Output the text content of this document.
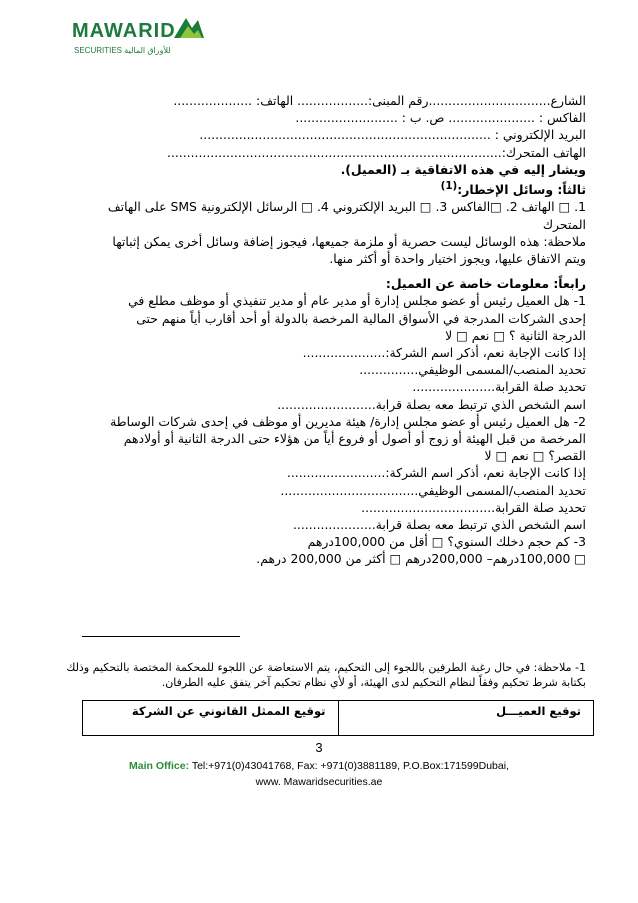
MAWARID
SECURITIES للأوراق المالية
الشارع...............................رقم المبنى:.................. الهاتف: ....................
الفاكس : ...................... ص. ب : ..........................
البريد الإلكتروني : ..........................................................................
الهاتف المتحرك:.....................................................................................
ويشار إليه في هذه الاتفاقية بـ (العميل).
ثالثاً: وسائل الإخطار:$^{(1)}$
1. □ الهاتف 2. □الفاكس 3. □ البريد الإلكتروني 4. □ الرسائل الإلكترونية SMS على الهاتف
المتحرك
ملاحظة: هذه الوسائل ليست حصرية أو ملزمة جميعها، فيجوز إضافة وسائل أخرى يمكن إثباتها
ويتم الاتفاق عليها، ويجوز اختيار واحدة أو أكثر منها.
رابعاً: معلومات خاصة عن العميل:
1- هل العميل رئيس أو عضو مجلس إدارة أو مدير عام أو مدير تنفيذي أو موظف مطلع في
إحدى الشركات المدرجة في الأسواق المالية المرخصة بالدولة أو أحد أقارب أياً منهم حتى
الدرجة الثانية ؟ □ نعم □ لا
إذا كانت الإجابة نعم، أذكر اسم الشركة:.....................
تحديد المنصب/المسمى الوظيفي...............
تحديد صلة القرابة.....................
اسم الشخص الذي ترتبط معه بصلة قرابة.........................
2- هل العميل رئيس أو عضو مجلس إدارة/ هيئة مديرين أو موظف في إحدى شركات الوساطة
المرخصة من قبل الهيئة أو زوج أو أصول أو فروع أياً من هؤلاء حتى الدرجة الثانية أو أولادهم
القصر؟ □ نعم □ لا
إذا كانت الإجابة نعم، أذكر اسم الشركة:.........................
تحديد المنصب/المسمى الوظيفي...................................
تحديد صلة القرابة..................................
اسم الشخص الذي ترتبط معه بصلة قرابة.....................
3- كم حجم دخلك السنوي؟ □ أقل من 100,000درهم
□ 100,000درهم– 200,000درهم □ أكثر من 200,000 درهم.
1- ملاحظة: في حال رغبة الطرفين باللجوء إلى التحكيم، يتم الاستعاضة عن اللجوء للمحكمة المختصة بالتحكيم وذلك
بكتابة شرط تحكيم وفقاً لنظام التحكيم لدى الهيئة، أو لأي نظام تحكيم آخر يتفق عليه الطرفان.
توقيع العميـــل
توقيع الممثل القانوني عن الشركة
3
Main Office: Tel:+971(0)43041768, Fax: +971(0)3881189, P.O.Box:171599Dubai,
www. Mawaridsecurities.ae
